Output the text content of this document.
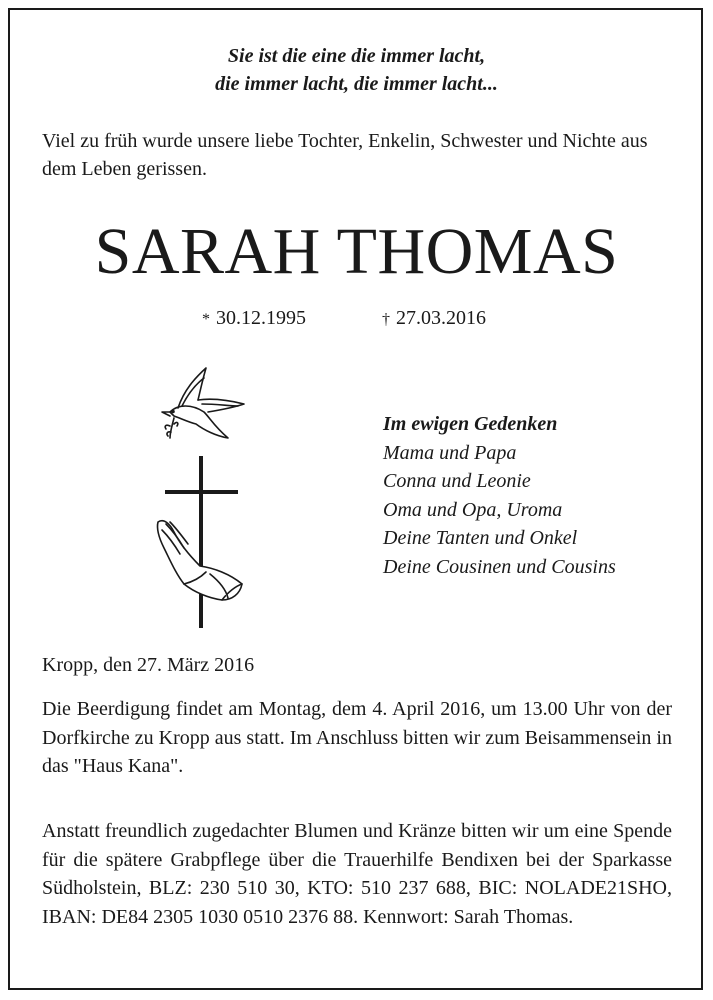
Sie ist die eine die immer lacht,
die immer lacht, die immer lacht...
Viel zu früh wurde unsere liebe Tochter, Enkelin, Schwester und Nichte aus dem Leben gerissen.
SARAH THOMAS
* 30.12.1995	† 27.03.2016
Im ewigen Gedenken
Mama und Papa
Conna und Leonie
Oma und Opa, Uroma
Deine Tanten und Onkel
Deine Cousinen und Cousins
Kropp, den 27. März 2016
Die Beerdigung findet am Montag, dem 4. April 2016, um 13.00 Uhr von der Dorfkirche zu Kropp aus statt. Im Anschluss bitten wir zum Beisammensein in das "Haus Kana".
Anstatt freundlich zugedachter Blumen und Kränze bitten wir um eine Spende für die spätere Grabpflege über die Trauerhilfe Bendixen bei der Sparkasse Südholstein, BLZ: 230 510 30, KTO: 510 237 688, BIC: NOLADE21SHO, IBAN: DE84 2305 1030 0510 2376 88. Kennwort: Sarah Thomas.
